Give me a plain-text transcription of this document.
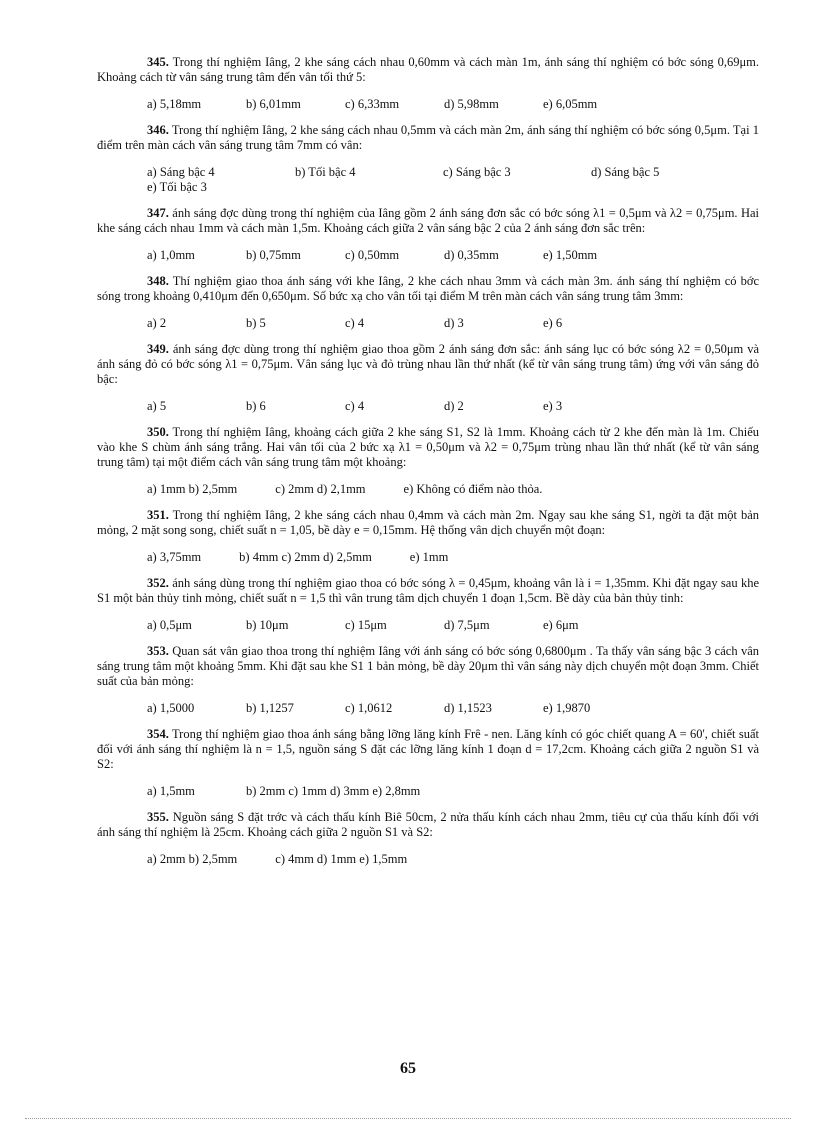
345. Trong thí nghiệm Iâng, 2 khe sáng cách nhau 0,60mm và cách màn 1m, ánh sáng thí nghiệm có bớc sóng 0,69μm. Khoảng cách từ vân sáng trung tâm đến vân tối thứ 5:

a) 5,18mm	b) 6,01mm	c) 6,33mm	d) 5,98mm	e) 6,05mm

346. Trong thí nghiệm Iâng, 2 khe sáng cách nhau 0,5mm và cách màn 2m, ánh sáng thí nghiệm có bớc sóng 0,5μm. Tại 1 điểm trên màn cách vân sáng trung tâm 7mm có vân:

a) Sáng bậc 4	b) Tối bậc 4	c) Sáng bậc 3	d) Sáng bậc 5
e) Tối bậc 3

347. ánh sáng đợc dùng trong thí nghiệm của Iâng gồm 2 ánh sáng đơn sắc có bớc sóng λ1 = 0,5μm và λ2 = 0,75μm. Hai khe sáng cách nhau 1mm và cách màn 1,5m. Khoảng cách giữa 2 vân sáng bậc 2 của 2 ánh sáng đơn sắc trên:

a) 1,0mm	b) 0,75mm	c) 0,50mm	d) 0,35mm	e) 1,50mm

348. Thí nghiệm giao thoa ánh sáng với khe Iâng, 2 khe cách nhau 3mm và cách màn 3m. ánh sáng thí nghiệm có bớc sóng trong khoảng 0,410μm đến 0,650μm. Số bức xạ cho vân tối tại điểm M trên màn cách vân sáng trung tâm 3mm:

a) 2	b) 5	c) 4	d) 3	e) 6

349. ánh sáng đợc dùng trong thí nghiệm giao thoa gồm 2 ánh sáng đơn sắc: ánh sáng lục có bớc sóng λ2 = 0,50μm và ánh sáng đỏ có bớc sóng λ1 = 0,75μm. Vân sáng lục và đỏ trùng nhau lần thứ nhất (kể từ vân sáng trung tâm) ứng với vân sáng đỏ bậc:

a) 5	b) 6	c) 4	d) 2	e) 3

350. Trong thí nghiệm Iâng, khoảng cách giữa 2 khe sáng S1, S2 là 1mm. Khoảng cách từ 2 khe đến màn là 1m. Chiếu vào khe S chùm ánh sáng trắng. Hai vân tối của 2 bức xạ λ1 = 0,50μm và λ2 = 0,75μm trùng nhau lần thứ nhất (kể từ vân sáng trung tâm) tại một điểm cách vân sáng trung tâm một khoảng:

a) 1mm b) 2,5mm	c) 2mm d) 2,1mm	e) Không có điểm nào thỏa.

351. Trong thí nghiệm Iâng, 2 khe sáng cách nhau 0,4mm và cách màn 2m. Ngay sau khe sáng S1, ngời ta đặt một bản mỏng, 2 mặt song song, chiết suất n = 1,05, bề dày e = 0,15mm. Hệ thống vân dịch chuyển một đoạn:

a) 3,75mm	b) 4mm c) 2mm d) 2,5mm	e) 1mm

352. ánh sáng dùng trong thí nghiệm giao thoa có bớc sóng λ = 0,45μm, khoảng vân là i = 1,35mm. Khi đặt ngay sau khe S1 một bản thủy tinh mỏng, chiết suất n = 1,5 thì vân trung tâm dịch chuyển 1 đoạn 1,5cm. Bề dày của bản thủy tinh:

a) 0,5μm	b) 10μm	c) 15μm	d) 7,5μm	e) 6μm

353. Quan sát vân giao thoa trong thí nghiệm Iâng với ánh sáng có bớc sóng 0,6800μm . Ta thấy vân sáng bậc 3 cách vân sáng trung tâm một khoảng 5mm. Khi đặt sau khe S1 1 bản mỏng, bề dày 20μm thì vân sáng này dịch chuyển một đoạn 3mm. Chiết suất của bản mỏng:

a) 1,5000	b) 1,1257	c) 1,0612	d) 1,1523	e) 1,9870

354. Trong thí nghiệm giao thoa ánh sáng bằng lỡng lăng kính Frê - nen. Lăng kính có góc chiết quang A = 60', chiết suất đối với ánh sáng thí nghiệm là n = 1,5, nguồn sáng S đặt các lỡng lăng kính 1 đoạn d = 17,2cm. Khoảng cách giữa 2 nguồn S1 và S2:

a) 1,5mm	b) 2mm c) 1mm d) 3mm e) 2,8mm

355. Nguồn sáng S đặt trớc và cách thấu kính Biê 50cm, 2 nửa thấu kính cách nhau 2mm, tiêu cự của thấu kính đối với ánh sáng thí nghiệm là 25cm. Khoảng cách giữa 2 nguồn S1 và S2:

a) 2mm b) 2,5mm	c) 4mm d) 1mm e) 1,5mm
65
